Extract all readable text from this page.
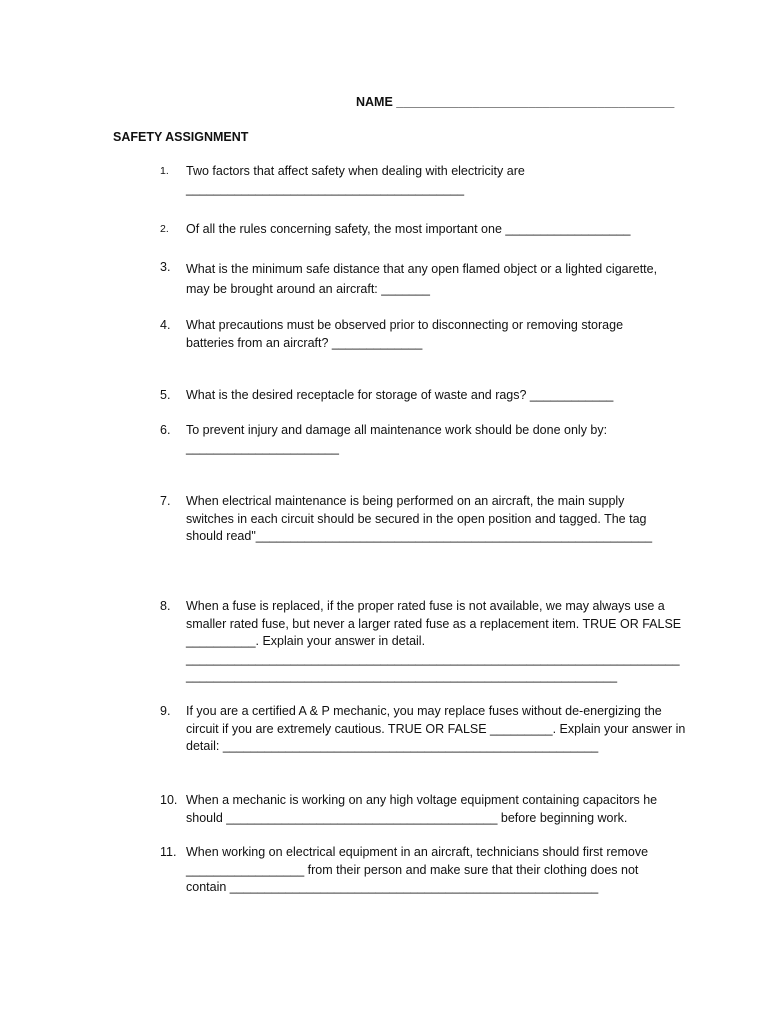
NAME ________________________________________
SAFETY ASSIGNMENT
1.	Two factors that affect safety when dealing with electricity are
________________________________________
2.	Of all the rules concerning safety, the most important one __________________
3.	What is the minimum safe distance that any open flamed object or a lighted cigarette,
may be brought around an aircraft: _______
4.	What precautions must be observed prior to disconnecting or removing storage
batteries from an aircraft? _____________
5.	What is the desired receptacle for storage of waste and rags? ____________
6.	To prevent injury and damage all maintenance work should be done only by:
______________________
7.	When electrical maintenance is being performed on an aircraft, the main supply
switches in each circuit should be secured in the open position and tagged. The tag
should read"_________________________________________________________
8.	When a fuse is replaced, if the proper rated fuse is not available, we may always use a
smaller rated fuse, but never a larger rated fuse as a replacement item. TRUE OR FALSE
__________. Explain your answer in detail.
_______________________________________________________________________
______________________________________________________________
9.	If you are a certified A & P mechanic, you may replace fuses without de-energizing the
circuit if you are extremely cautious. TRUE OR FALSE _________. Explain your answer in
detail: ______________________________________________________
10. When a mechanic is working on any high voltage equipment containing capacitors he
should _______________________________________ before beginning work.
11. When working on electrical equipment in an aircraft, technicians should first remove
_________________ from their person and make sure that their clothing does not
contain _____________________________________________________
